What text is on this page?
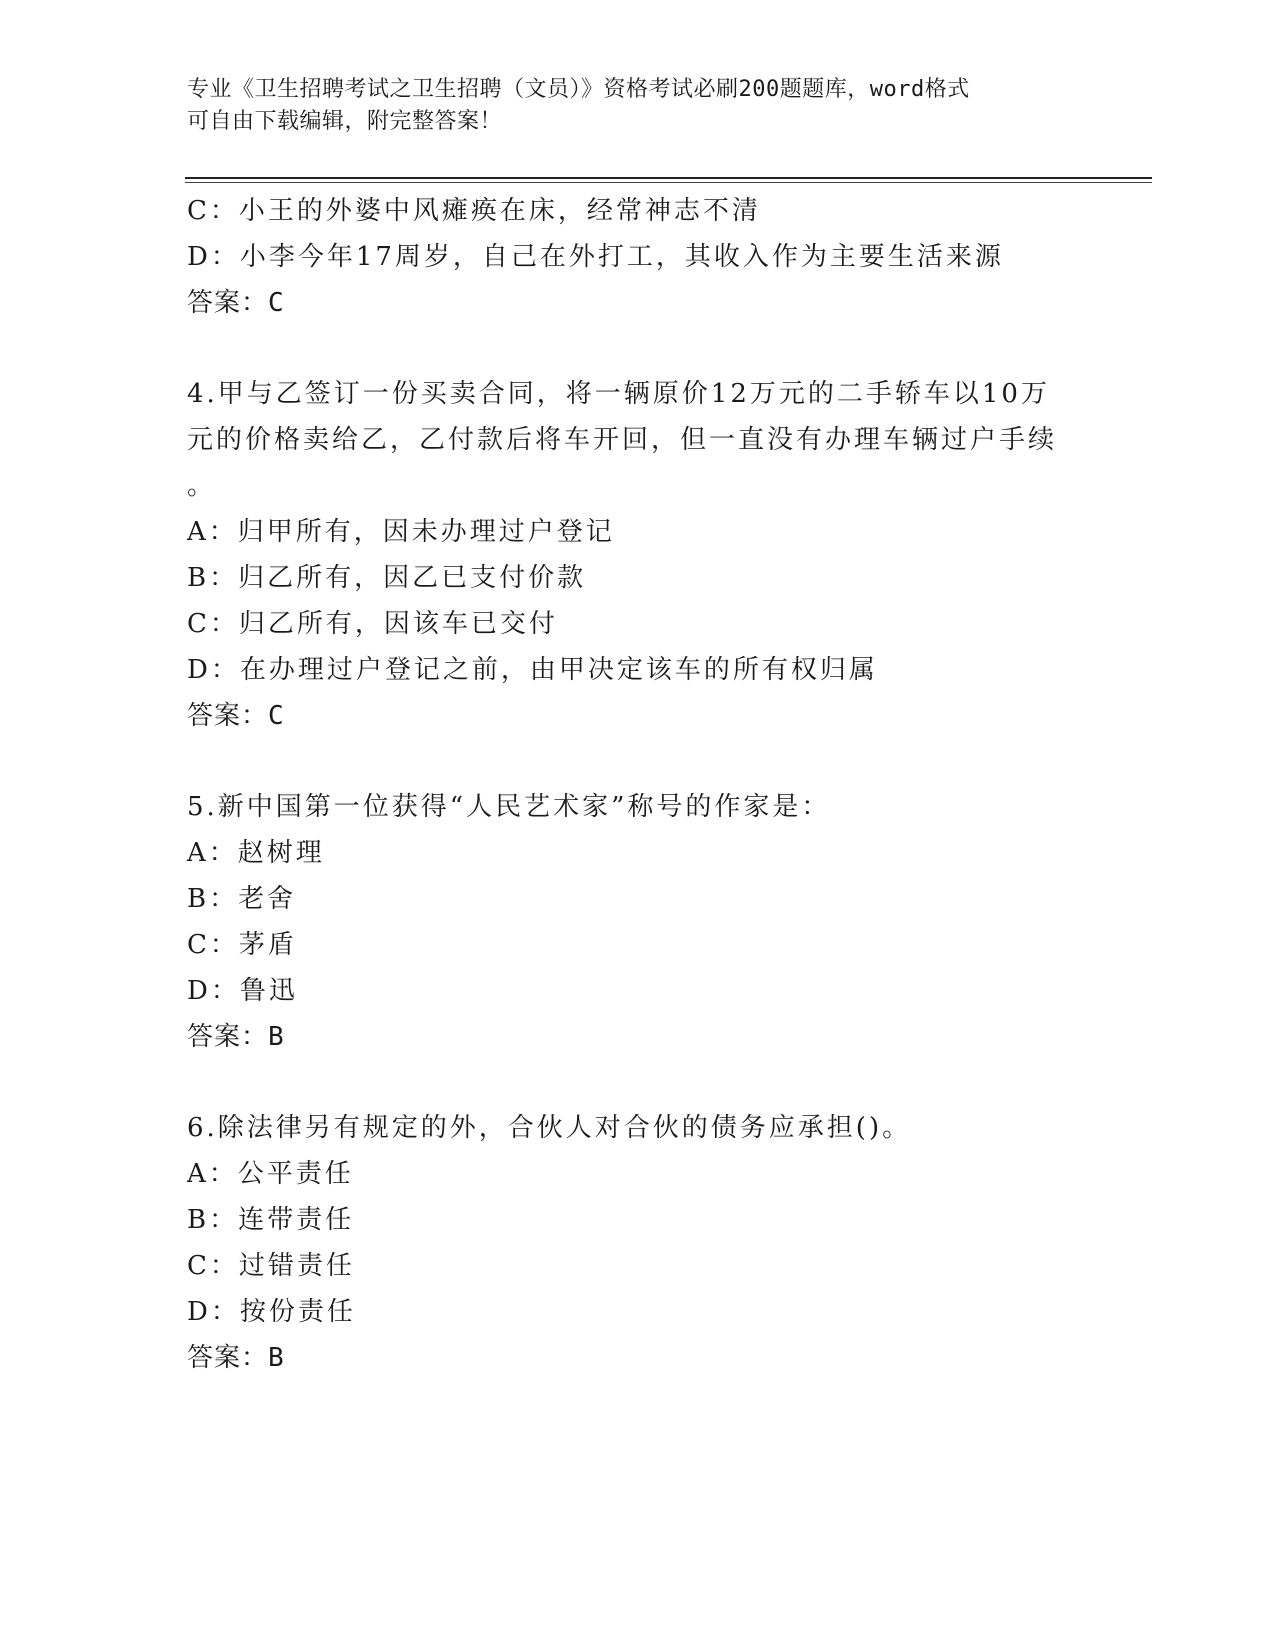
专业《卫生招聘考试之卫生招聘（文员）》资格考试必刷200题题库，word格式
可自由下载编辑，附完整答案！
C：小王的外婆中风瘫痪在床，经常神志不清
D：小李今年17周岁，自己在外打工，其收入作为主要生活来源
答案：C
4.甲与乙签订一份买卖合同，将一辆原价12万元的二手轿车以10万
元的价格卖给乙，乙付款后将车开回，但一直没有办理车辆过户手续
。
A：归甲所有，因未办理过户登记
B：归乙所有，因乙已支付价款
C：归乙所有，因该车已交付
D：在办理过户登记之前，由甲决定该车的所有权归属
答案：C
5.新中国第一位获得“人民艺术家”称号的作家是：
A：赵树理
B：老舍
C：茅盾
D：鲁迅
答案：B
6.除法律另有规定的外，合伙人对合伙的债务应承担()。
A：公平责任
B：连带责任
C：过错责任
D：按份责任
答案：B
